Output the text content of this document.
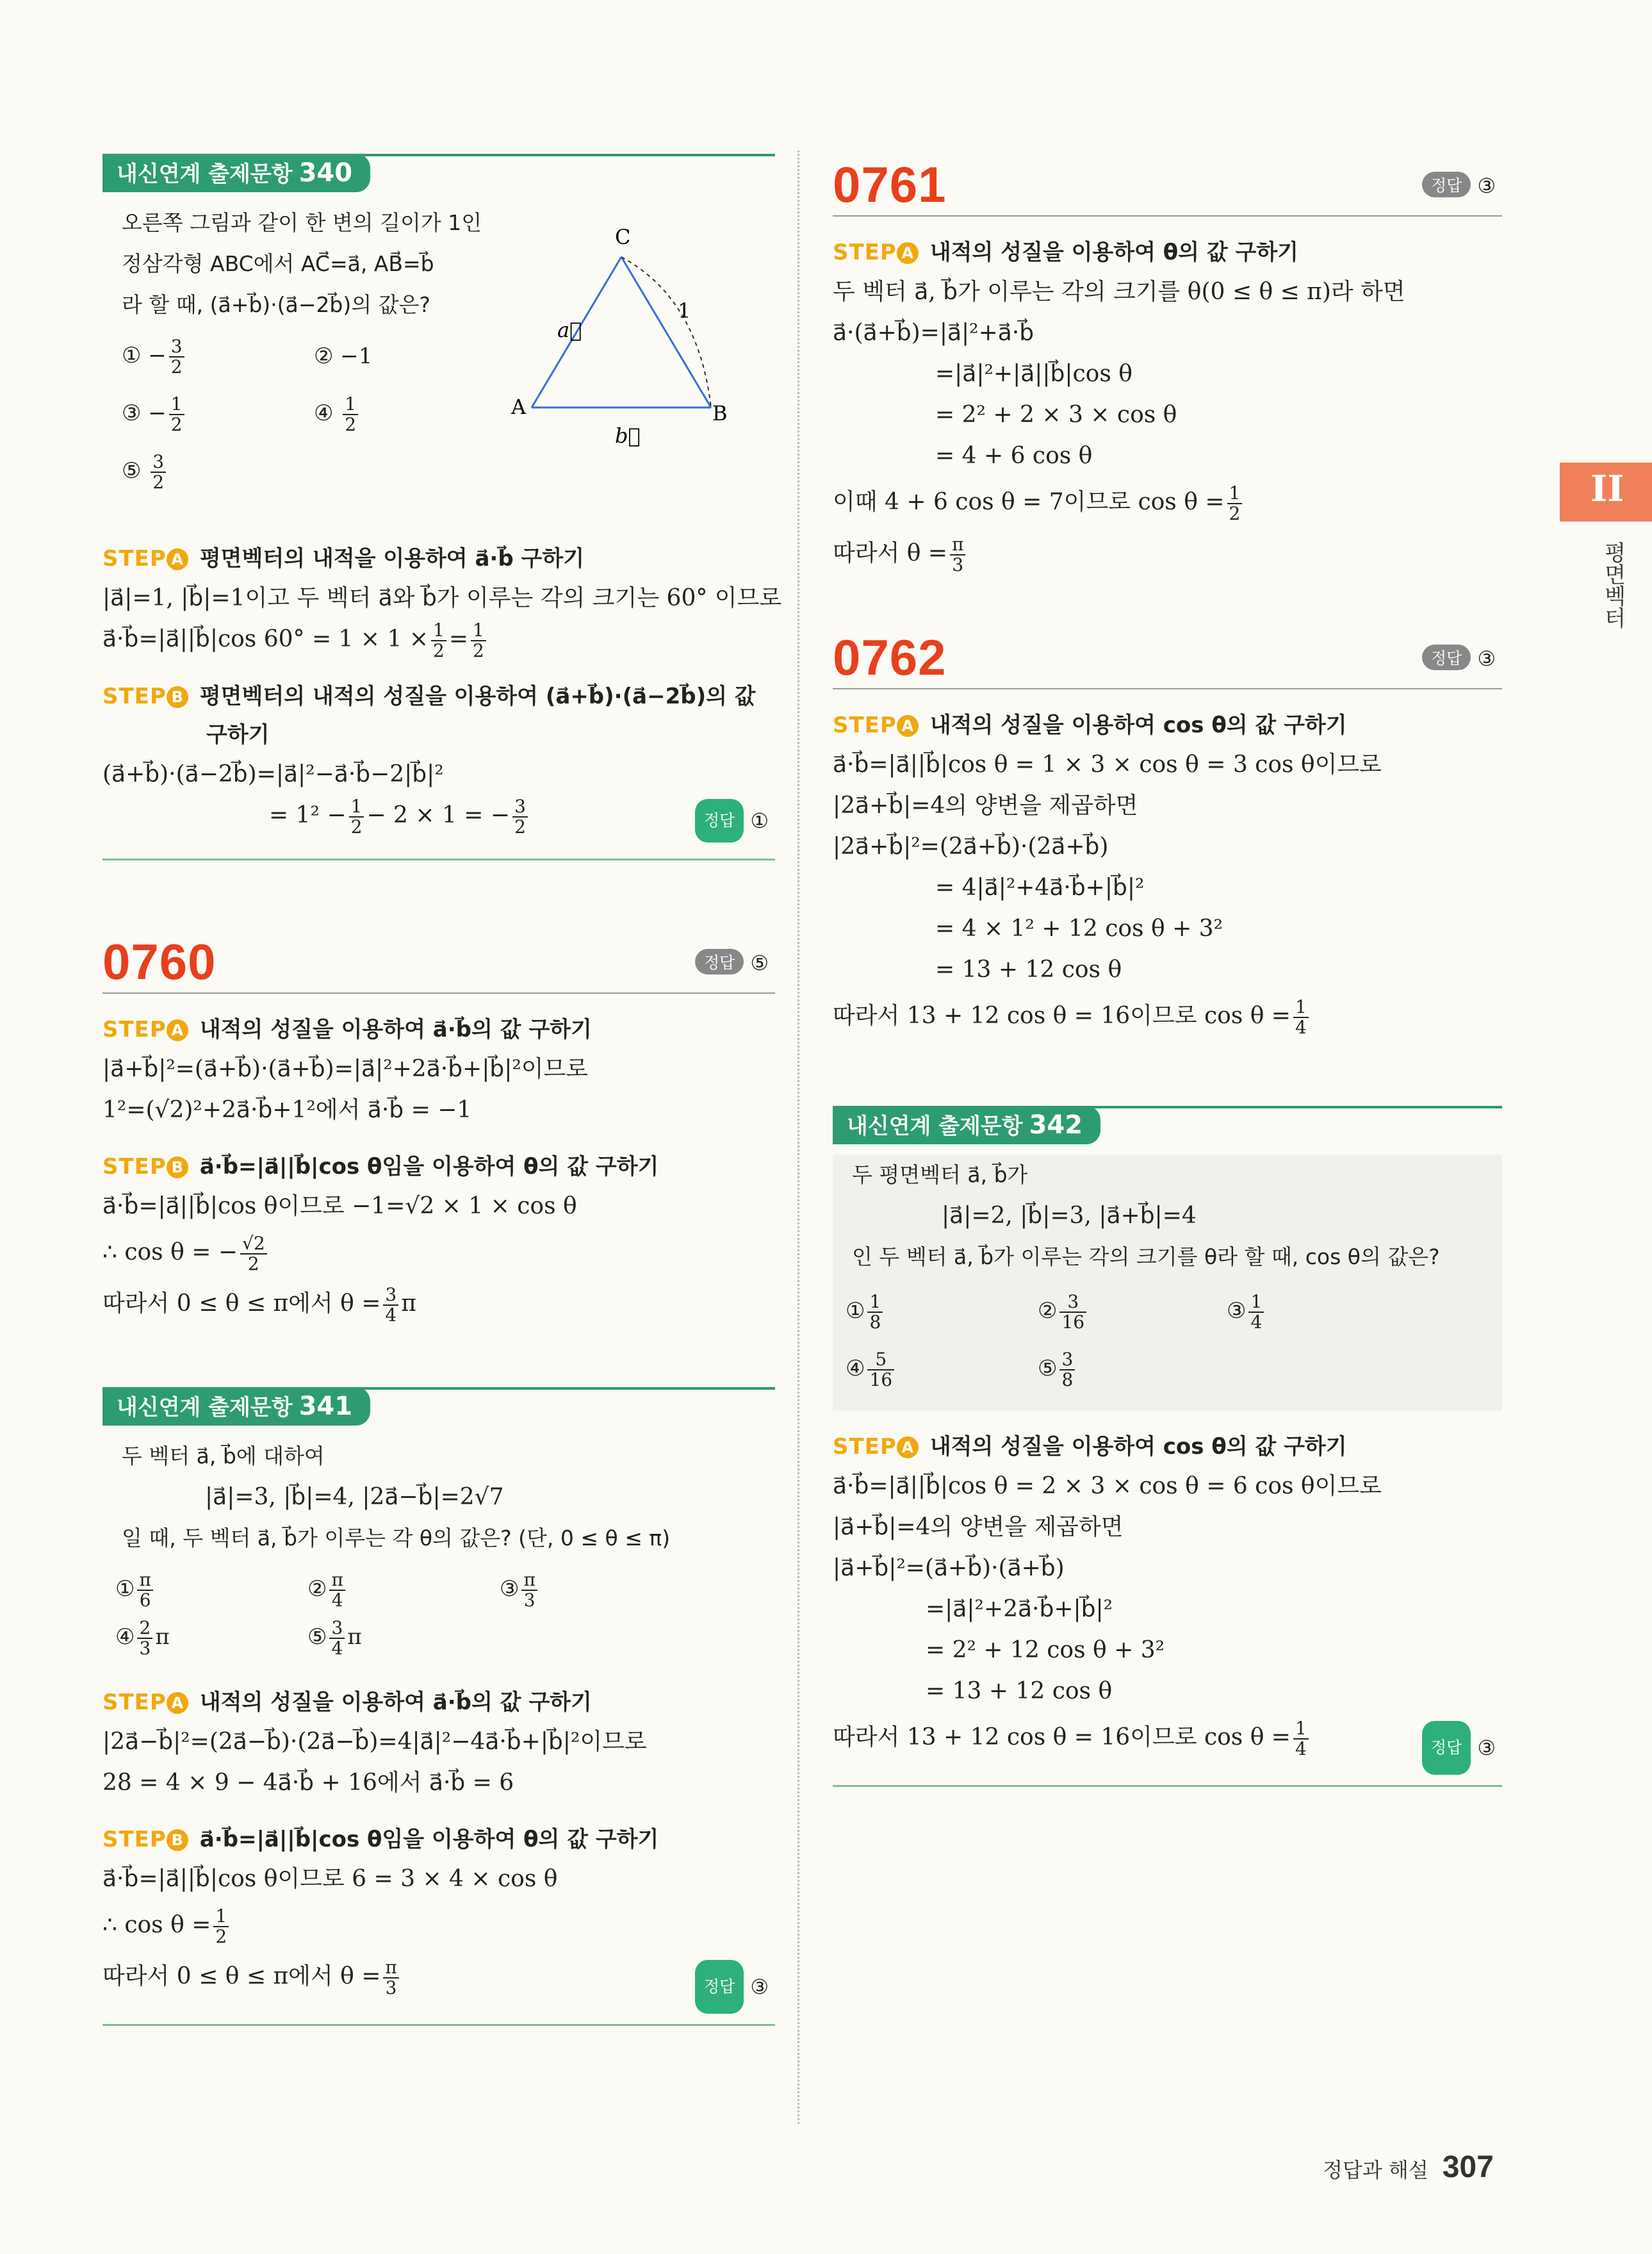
내신연계 출제문항 340
오른쪽 그림과 같이 한 변의 길이가 1인
정삼각형 ABC에서 AC⃗=a⃗, AB⃗=b⃗
라 할 때, (a⃗+b⃗)·(a⃗−2b⃗)의 값은?
① − $\frac{3}{2}$	② −1
③ − $\frac{1}{2}$	④ $\frac{1}{2}$
⑤ $\frac{3}{2}$
C
A	B
a⃗
b⃗
1
STEP A 평면벡터의 내적을 이용하여 a⃗·b⃗ 구하기
|a⃗|=1, |b⃗|=1이고 두 벡터 a⃗와 b⃗가 이루는 각의 크기는 60° 이므로
a⃗·b⃗=|a⃗||b⃗|cos $60^\circ = 1 \times 1 \times \frac{1}{2} = \frac{1}{2}$
STEP B 평면벡터의 내적의 성질을 이용하여 (a⃗+b⃗)·(a⃗−2b⃗)의 값
구하기
(a⃗+b⃗)·(a⃗−2b⃗)=|a⃗|²−a⃗·b⃗−2|b⃗|²
= $1^2 - \frac{1}{2} - 2 \times 1$ = − $\frac{3}{2}$	정답 ①
0760	정답 ⑤
STEP A 내적의 성질을 이용하여 a⃗·b⃗의 값 구하기
|a⃗+b⃗|²=(a⃗+b⃗)·(a⃗+b⃗)=|a⃗|²+2a⃗·b⃗+|b⃗|²이므로
1²=(√2)²+2a⃗·b⃗+1²에서 a⃗·b⃗ = −1
STEP B a⃗·b⃗=|a⃗||b⃗|cos θ임을 이용하여 θ의 값 구하기
a⃗·b⃗=|a⃗||b⃗|cos θ이므로 −1=√2 × 1 × cos θ
∴ cos θ = − $\frac{√2}{2}$
따라서 0 ≤ θ ≤ π에서 $\theta = \frac{3}{4}$ π
내신연계 출제문항 341
두 벡터 a⃗, b⃗에 대하여
|a⃗|=3, |b⃗|=4, |2a⃗−b⃗|=2√7
일 때, 두 벡터 a⃗, b⃗가 이루는 각 θ의 값은? (단, 0 ≤ θ ≤ π)
① $\frac{\pi}{6}$	② $\frac{\pi}{4}$	③ $\frac{\pi}{3}$
④ $\frac{2}{3}$ π	⑤ $\frac{3}{4}$ π
STEP A 내적의 성질을 이용하여 a⃗·b⃗의 값 구하기
|2a⃗−b⃗|²=(2a⃗−b⃗)·(2a⃗−b⃗)=4|a⃗|²−4a⃗·b⃗+|b⃗|²이므로
28 = 4 × 9 − 4a⃗·b⃗ + 16에서 a⃗·b⃗ = 6
STEP B a⃗·b⃗=|a⃗||b⃗|cos θ임을 이용하여 θ의 값 구하기
a⃗·b⃗=|a⃗||b⃗|cos θ이므로 6 = 3 × 4 × cos θ
∴ $\cos \theta = \frac{1}{2}$
따라서 0 ≤ θ ≤ π에서 $\theta = \frac{\pi}{3}$	정답 ③
0761	정답 ③
STEP A 내적의 성질을 이용하여 θ의 값 구하기
두 벡터 a⃗, b⃗가 이루는 각의 크기를 θ(0 ≤ θ ≤ π)라 하면
a⃗·(a⃗+b⃗)=|a⃗|²+a⃗·b⃗
=|a⃗|²+|a⃗||b⃗|cos θ
= 2² + 2 × 3 × cos θ
= 4 + 6 cos θ
이때 4 + 6 cos θ = 7이므로 $\cos \theta = \frac{1}{2}$
따라서 $\theta = \frac{\pi}{3}$
0762	정답 ③
STEP A 내적의 성질을 이용하여 cos θ의 값 구하기
a⃗·b⃗=|a⃗||b⃗|cos θ = 1 × 3 × cos θ = 3 cos θ이므로
|2a⃗+b⃗|=4의 양변을 제곱하면
|2a⃗+b⃗|²=(2a⃗+b⃗)·(2a⃗+b⃗)
= 4|a⃗|²+4a⃗·b⃗+|b⃗|²
= 4 × 1² + 12 cos θ + 3²
= 13 + 12 cos θ
따라서 13 + 12 cos θ = 16이므로 $\cos \theta = \frac{1}{4}$
내신연계 출제문항 342
두 평면벡터 a⃗, b⃗가
|a⃗|=2, |b⃗|=3, |a⃗+b⃗|=4
인 두 벡터 a⃗, b⃗가 이루는 각의 크기를 θ라 할 때, cos θ의 값은?
① $\frac{1}{8}$	② $\frac{3}{16}$	③ $\frac{1}{4}$
④ $\frac{5}{16}$	⑤ $\frac{3}{8}$
STEP A 내적의 성질을 이용하여 cos θ의 값 구하기
a⃗·b⃗=|a⃗||b⃗|cos θ = 2 × 3 × cos θ = 6 cos θ이므로
|a⃗+b⃗|=4의 양변을 제곱하면
|a⃗+b⃗|²=(a⃗+b⃗)·(a⃗+b⃗)
=|a⃗|²+2a⃗·b⃗+|b⃗|²
= 2² + 12 cos θ + 3²
= 13 + 12 cos θ
따라서 13 + 12 cos θ = 16이므로 $\cos \theta = \frac{1}{4}$	정답 ③
II
평면벡터
정답과 해설 307
